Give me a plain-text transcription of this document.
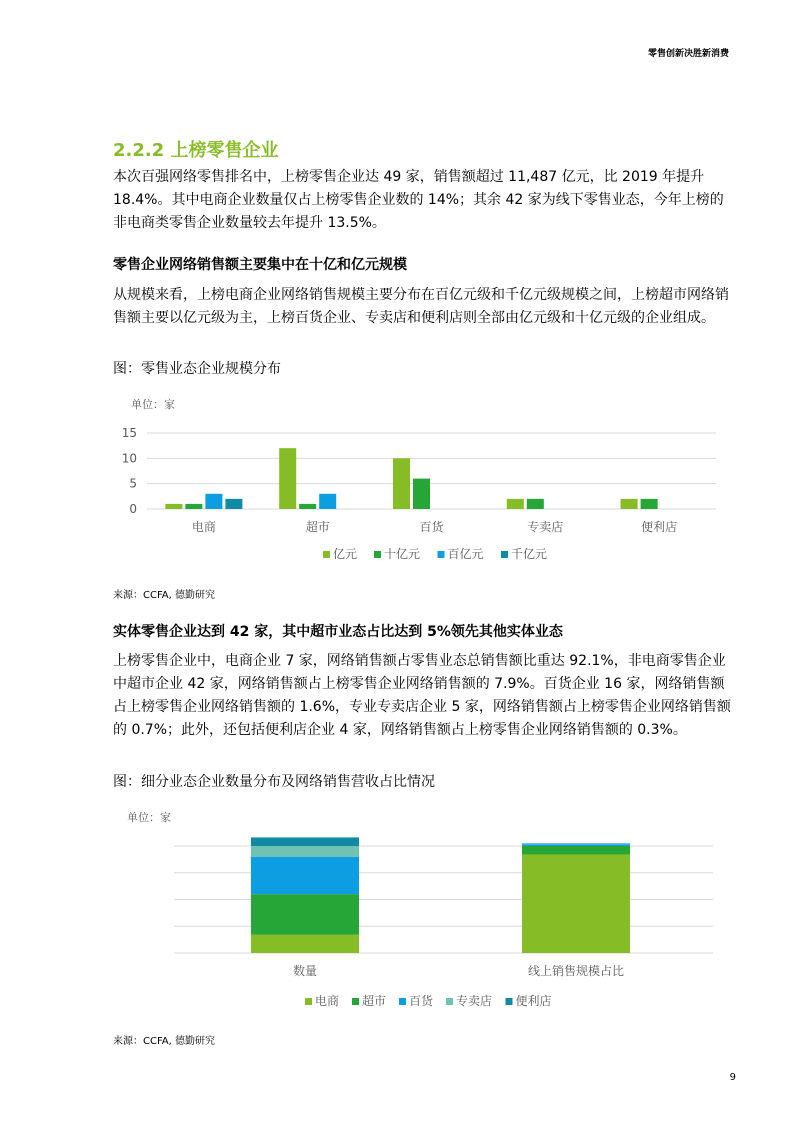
零售创新决胜新消费
2.2.2 上榜零售企业
本次百强网络零售排名中，上榜零售企业达 49 家，销售额超过 11,487 亿元，比 2019 年提升 18.4%。其中电商企业数量仅占上榜零售企业数的 14%；其余 42 家为线下零售业态，今年上榜的非电商类零售企业数量较去年提升 13.5%。
零售企业网络销售额主要集中在十亿和亿元规模
从规模来看，上榜电商企业网络销售规模主要分布在百亿元级和千亿元级规模之间，上榜超市网络销售额主要以亿元级为主，上榜百货企业、专卖店和便利店则全部由亿元级和十亿元级的企业组成。
图：零售业态企业规模分布
单位：家
0
5
10
15
电商	超市	百货	专卖店	便利店
亿元 十亿元 百亿元 千亿元
来源：CCFA, 德勤研究
实体零售企业达到 42 家，其中超市业态占比达到 5%领先其他实体业态
上榜零售企业中，电商企业 7 家，网络销售额占零售业态总销售额比重达 92.1%，非电商零售企业中超市企业 42 家，网络销售额占上榜零售企业网络销售额的 7.9%。百货企业 16 家，网络销售额占上榜零售企业网络销售额的 1.6%，专业专卖店企业 5 家，网络销售额占上榜零售企业网络销售额的 0.7%；此外，还包括便利店企业 4 家，网络销售额占上榜零售企业网络销售额的 0.3%。
图：细分业态企业数量分布及网络销售营收占比情况
单位：家
数量	线上销售规模占比
电商 超市 百货 专卖店 便利店
来源：CCFA, 德勤研究
9
